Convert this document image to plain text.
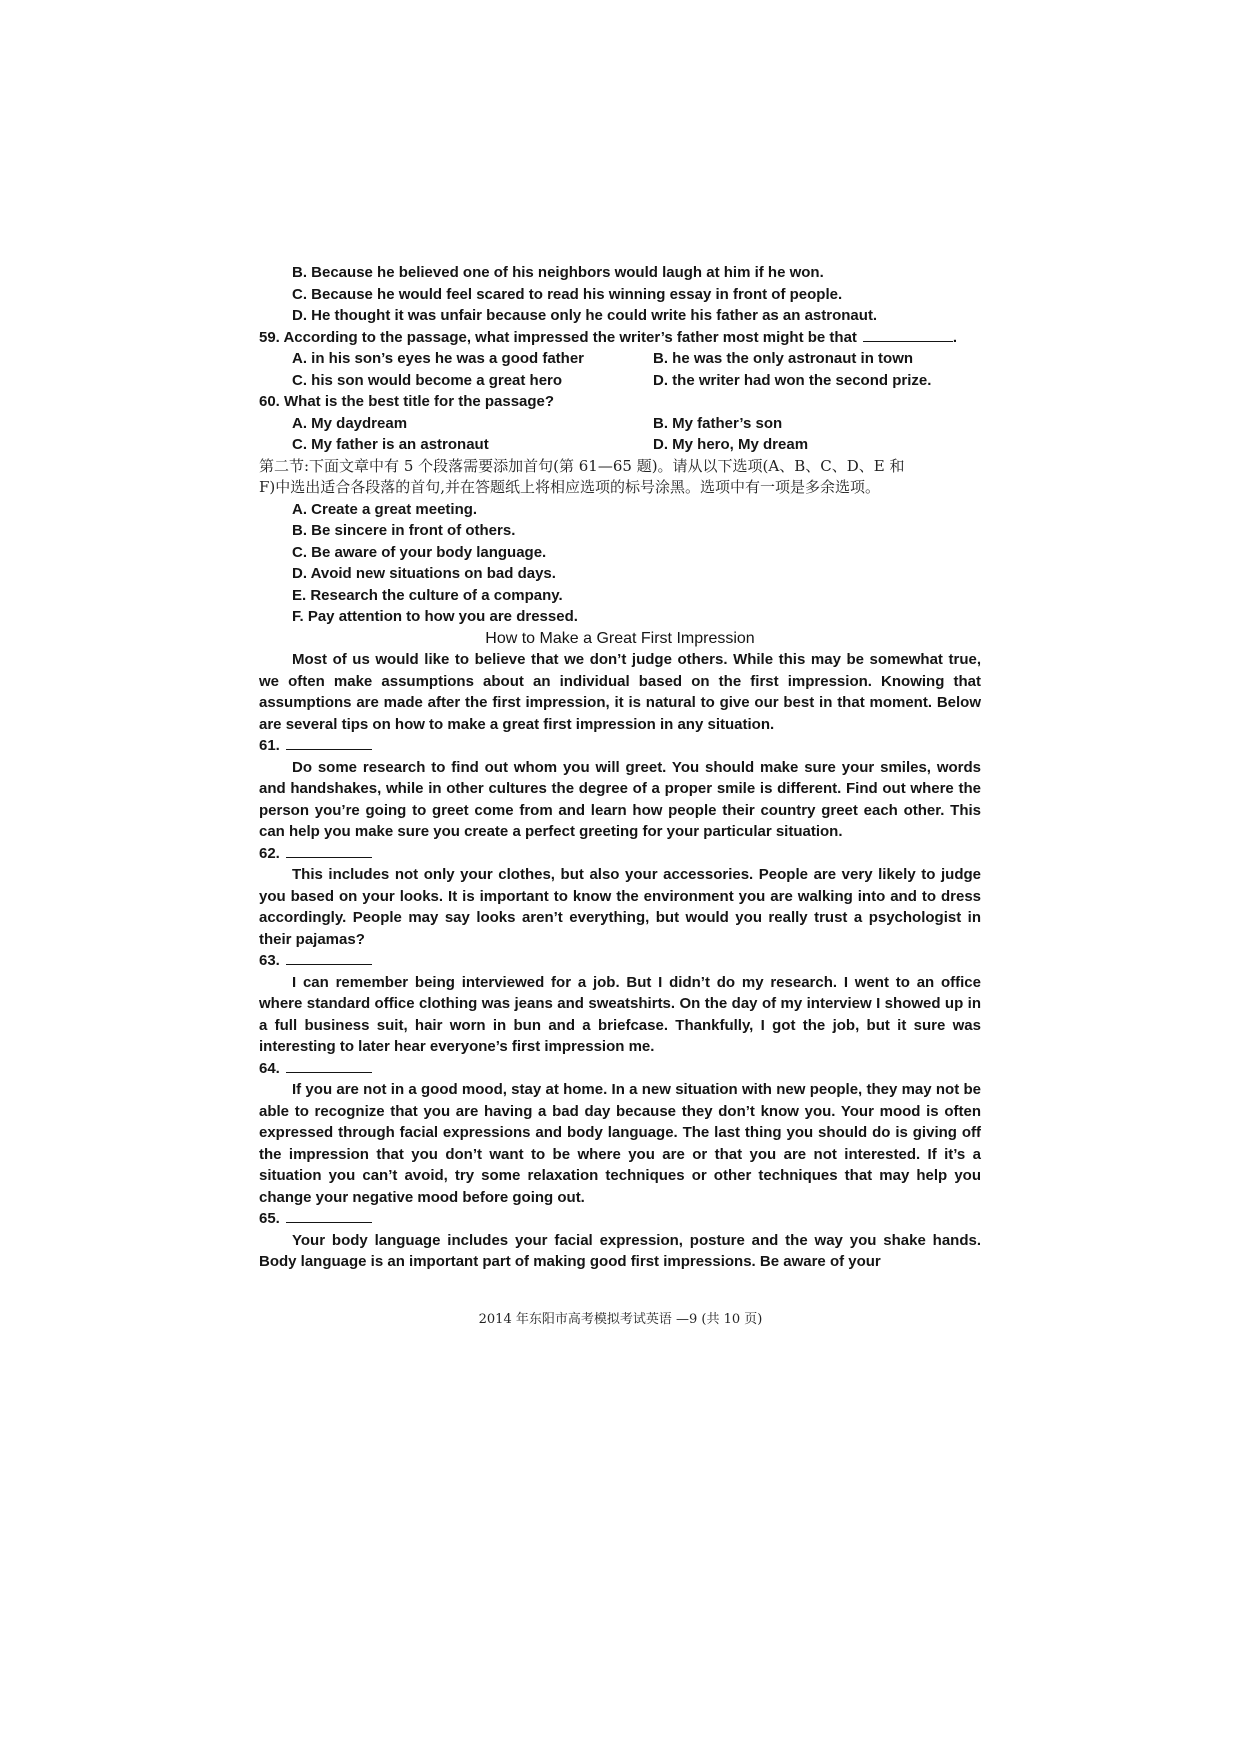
B. Because he believed one of his neighbors would laugh at him if he won.
C. Because he would feel scared to read his winning essay in front of people.
D. He thought it was unfair because only he could write his father as an astronaut.
59. According to the passage, what impressed the writer’s father most might be that	.
A. in his son’s eyes he was a good father	B. he was the only astronaut in town
C. his son would become a great hero	D. the writer had won the second prize.
60. What is the best title for the passage?
A. My daydream	B. My father’s son
C. My father is an astronaut	D. My hero, My dream
第二节:下面文章中有 5 个段落需要添加首句(第 61—65 题)。请从以下选项(A、B、C、D、E 和
F)中选出适合各段落的首句,并在答题纸上将相应选项的标号涂黑。选项中有一项是多余选项。
A. Create a great meeting.
B. Be sincere in front of others.
C. Be aware of your body language.
D. Avoid new situations on bad days.
E. Research the culture of a company.
F. Pay attention to how you are dressed.
How to Make a Great First Impression
Most of us would like to believe that we don’t judge others. While this may be somewhat true, we often make assumptions about an individual based on the first impression. Knowing that assumptions are made after the first impression, it is natural to give our best in that moment. Below are several tips on how to make a great first impression in any situation.
61.
Do some research to find out whom you will greet. You should make sure your smiles, words and handshakes, while in other cultures the degree of a proper smile is different. Find out where the person you’re going to greet come from and learn how people their country greet each other. This can help you make sure you create a perfect greeting for your particular situation.
62.
This includes not only your clothes, but also your accessories. People are very likely to judge you based on your looks. It is important to know the environment you are walking into and to dress accordingly. People may say looks aren’t everything, but would you really trust a psychologist in their pajamas?
63.
I can remember being interviewed for a job. But I didn’t do my research. I went to an office where standard office clothing was jeans and sweatshirts. On the day of my interview I showed up in a full business suit, hair worn in bun and a briefcase. Thankfully, I got the job, but it sure was interesting to later hear everyone’s first impression me.
64.
If you are not in a good mood, stay at home. In a new situation with new people, they may not be able to recognize that you are having a bad day because they don’t know you. Your mood is often expressed through facial expressions and body language. The last thing you should do is giving off the impression that you don’t want to be where you are or that you are not interested. If it’s a situation you can’t avoid, try some relaxation techniques or other techniques that may help you change your negative mood before going out.
65.
Your body language includes your facial expression, posture and the way you shake hands. Body language is an important part of making good first impressions. Be aware of your
2014 年东阳市高考模拟考试英语 —9 (共 10 页)
